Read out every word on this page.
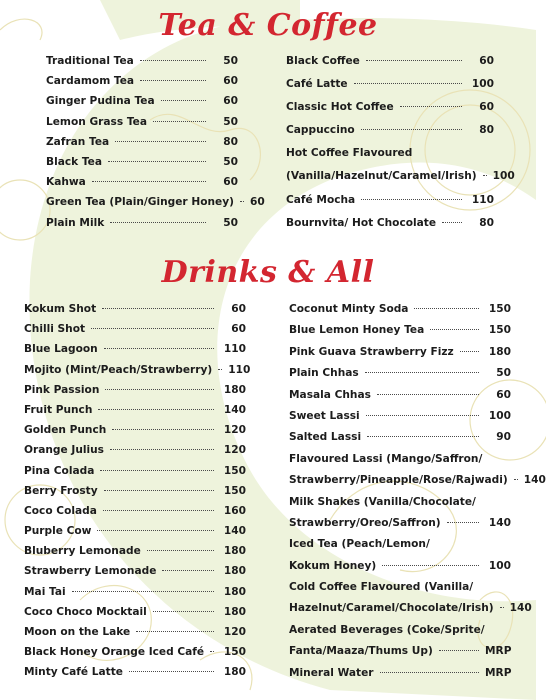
Tea & Coffee
Drinks & All
Traditional Tea	50
Cardamom Tea	60
Ginger Pudina Tea	60
Lemon Grass Tea	50
Zafran Tea	80
Black Tea	50
Kahwa	60
Green Tea (Plain/Ginger Honey) 60
Plain Milk	50
Black Coffee	60
Café Latte	100
Classic Hot Coffee	60
Cappuccino	80
Hot Coffee Flavoured
(Vanilla/Hazelnut/Caramel/Irish) 100
Café Mocha	110
Bournvita/ Hot Chocolate	80
Kokum Shot	60
Chilli Shot	60
Blue Lagoon	110
Mojito (Mint/Peach/Strawberry) 110
Pink Passion	180
Fruit Punch	140
Golden Punch	120
Orange Julius	120
Pina Colada	150
Berry Frosty	150
Coco Colada	160
Purple Cow	140
Bluberry Lemonade	180
Strawberry Lemonade	180
Mai Tai	180
Coco Choco Mocktail	180
Moon on the Lake	120
Black Honey Orange Iced Café	150
Minty Café Latte	180
Coconut Minty Soda	150
Blue Lemon Honey Tea	150
Pink Guava Strawberry Fizz	180
Plain Chhas	50
Masala Chhas	60
Sweet Lassi	100
Salted Lassi	90
Flavoured Lassi (Mango/Saffron/
Strawberry/Pineapple/Rose/Rajwadi) 140
Milk Shakes (Vanilla/Chocolate/
Strawberry/Oreo/Saffron)	140
Iced Tea (Peach/Lemon/
Kokum Honey)	100
Cold Coffee Flavoured (Vanilla/
Hazelnut/Caramel/Chocolate/Irish) 140
Aerated Beverages (Coke/Sprite/
Fanta/Maaza/Thums Up)	MRP
Mineral Water	MRP
